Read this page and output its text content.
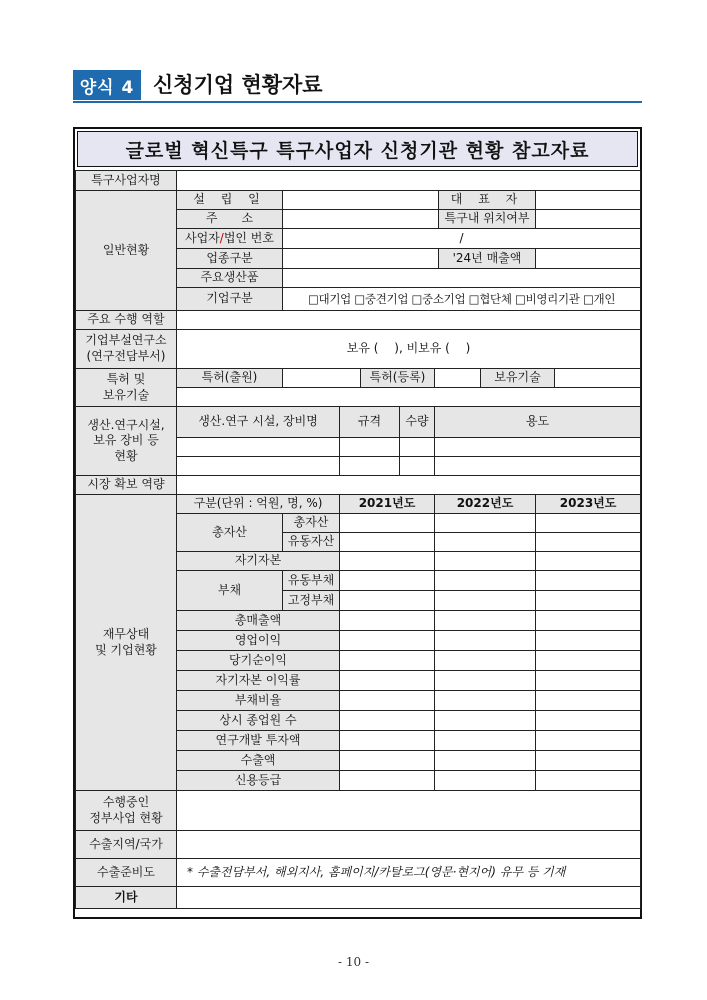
양식 4 신청기업 현황자료
글로벌 혁신특구 특구사업자 신청기관 현황 참고자료
특구사업자명										
일반현황	설 립 일						대 표 자			
	주　　소						특구내 위치여부			
	사업자/법인 번호	/								
	업종구분						'24년 매출액			
	주요생산품									
	기업구분	□대기업 □중견기업 □중소기업 □협단체 □비영리기관 □개인								
주요 수행 역할										
기업부설연구소
(연구전담부서)	보유 (　 ), 비보유 (　 )									
특허 및
보유기술	특허(출원)			특허(등록)				보유기술		

생산.연구시설,
보유 장비 등
현황	생산.연구 시설, 장비명		규격		수량	용도				

시장 확보 역량										
재무상태
및 기업현황	구분(단위 : 억원, 명, %)		2021년도			2022년도			2023년도	
	총자산	총자산								
		유동자산								
	자기자본									
	부채	유동부채								
		고정부채								
	총매출액									
	영업이익									
	당기순이익									
	자기자본 이익률									
	부채비율									
	상시 종업원 수									
	연구개발 투자액									
	수출액									
	신용등급									
수행중인
정부사업 현황										
수출지역/국가										
수출준비도	* 수출전담부서, 해외지사, 홈페이지/카탈로그(영문·현지어) 유무 등 기재									
기타										
- 10 -
